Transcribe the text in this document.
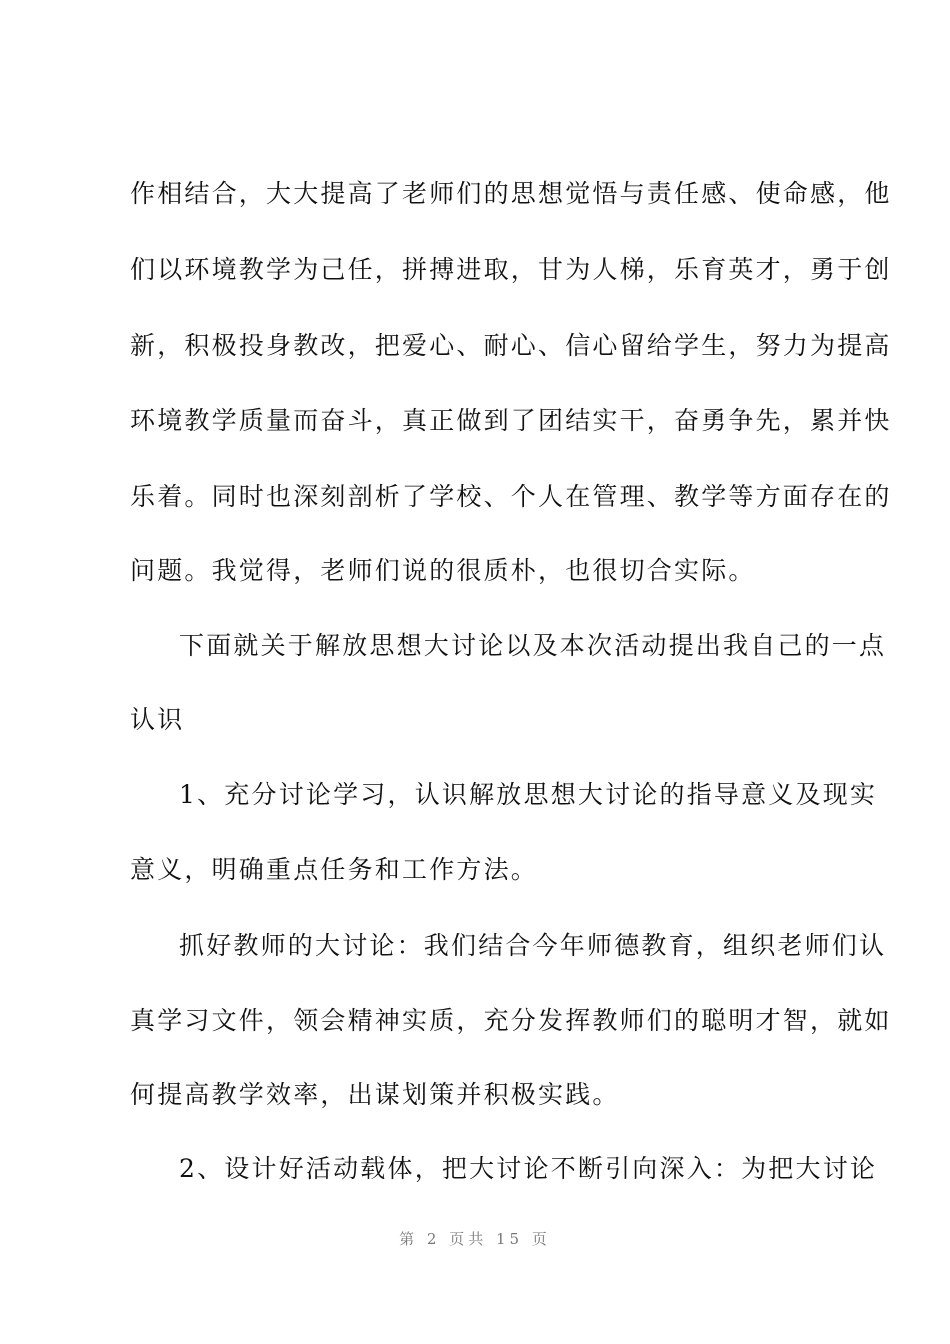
作相结合，大大提高了老师们的思想觉悟与责任感、使命感，他
们以环境教学为己任，拼搏进取，甘为人梯，乐育英才，勇于创
新，积极投身教改，把爱心、耐心、信心留给学生，努力为提高
环境教学质量而奋斗，真正做到了团结实干，奋勇争先，累并快
乐着。同时也深刻剖析了学校、个人在管理、教学等方面存在的
问题。我觉得，老师们说的很质朴，也很切合实际。
下面就关于解放思想大讨论以及本次活动提出我自己的一点
认识
1、充分讨论学习，认识解放思想大讨论的指导意义及现实
意义，明确重点任务和工作方法。
抓好教师的大讨论：我们结合今年师德教育，组织老师们认
真学习文件，领会精神实质，充分发挥教师们的聪明才智，就如
何提高教学效率，出谋划策并积极实践。
2、设计好活动载体，把大讨论不断引向深入：为把大讨论
第 2 页共 15 页
